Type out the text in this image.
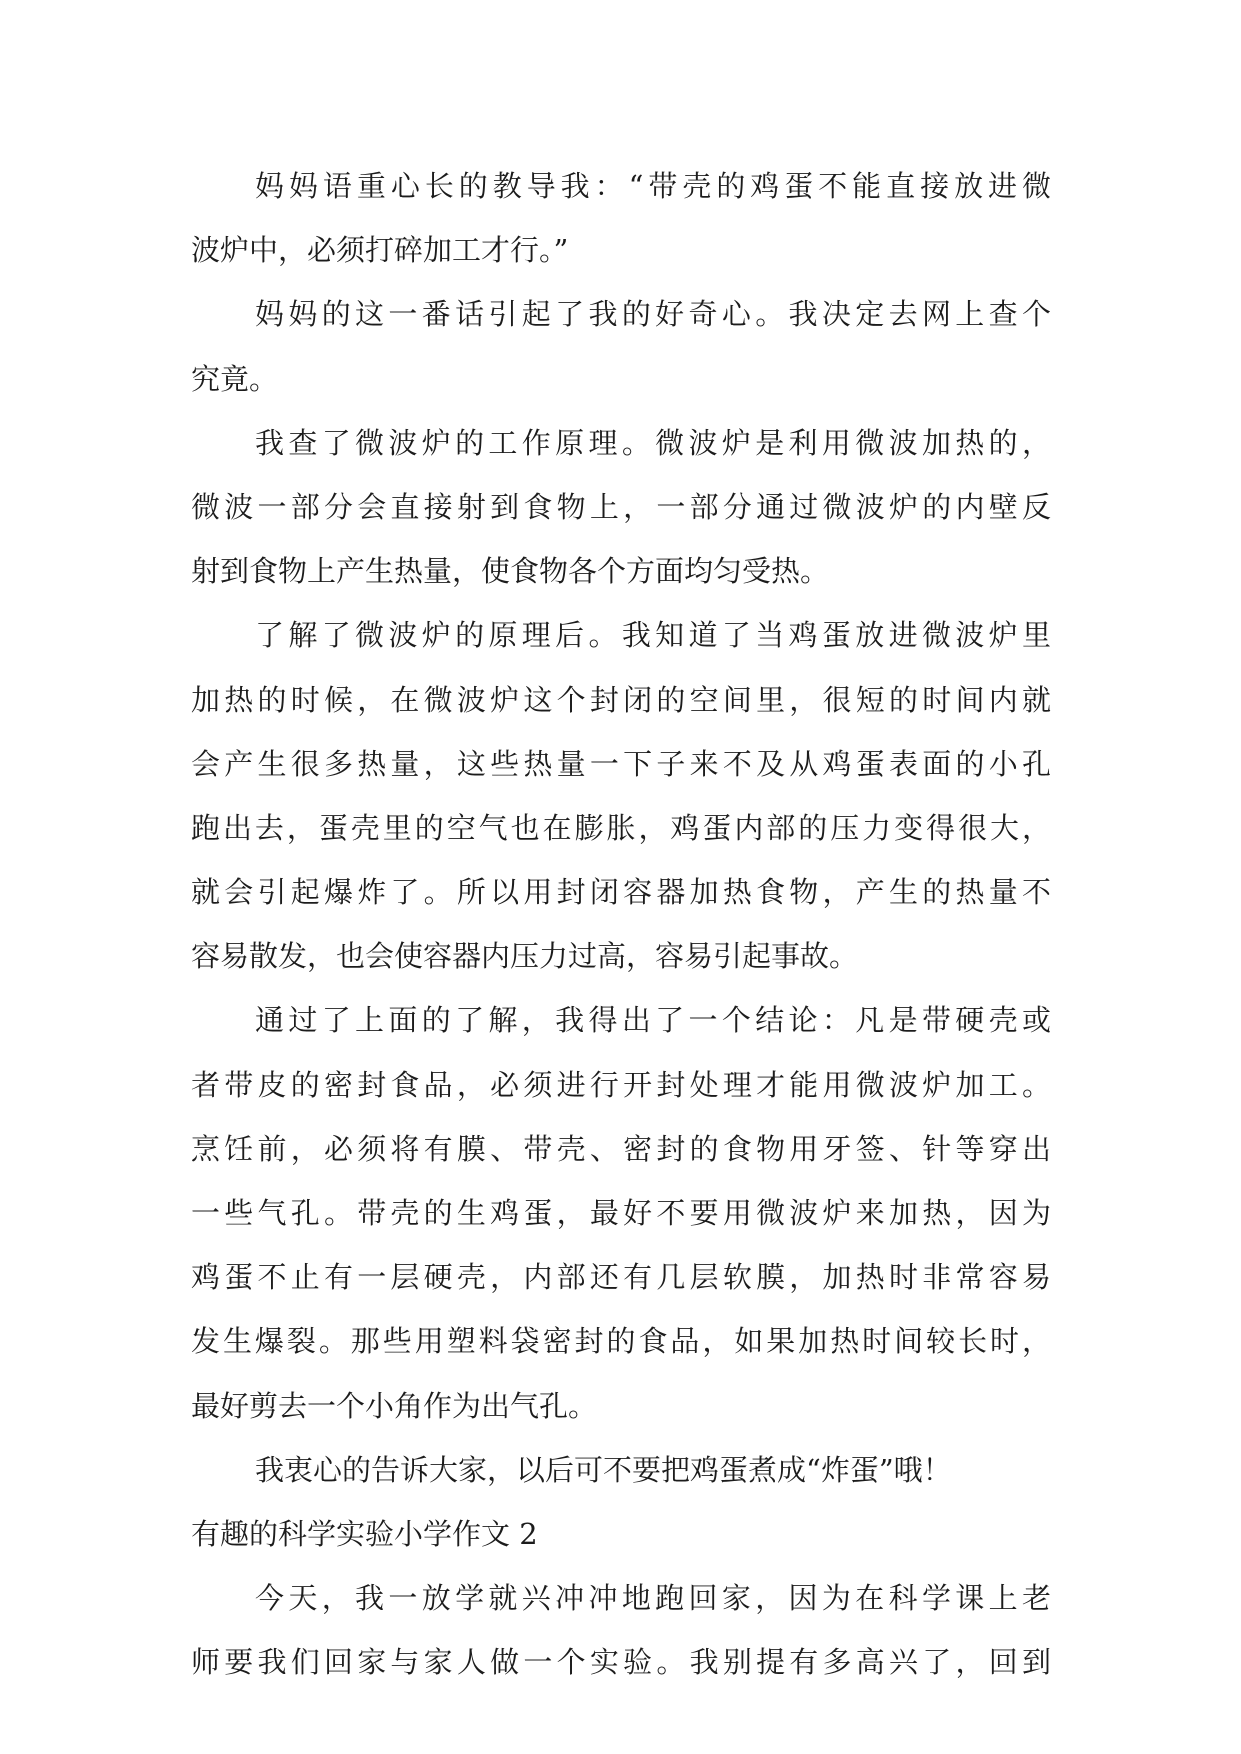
妈妈语重心长的教导我：“带壳的鸡蛋不能直接放进微
波炉中，必须打碎加工才行。”
妈妈的这一番话引起了我的好奇心。我决定去网上查个
究竟。
我查了微波炉的工作原理。微波炉是利用微波加热的，
微波一部分会直接射到食物上，一部分通过微波炉的内壁反
射到食物上产生热量，使食物各个方面均匀受热。
了解了微波炉的原理后。我知道了当鸡蛋放进微波炉里
加热的时候，在微波炉这个封闭的空间里，很短的时间内就
会产生很多热量，这些热量一下子来不及从鸡蛋表面的小孔
跑出去，蛋壳里的空气也在膨胀，鸡蛋内部的压力变得很大，
就会引起爆炸了。所以用封闭容器加热食物，产生的热量不
容易散发，也会使容器内压力过高，容易引起事故。
通过了上面的了解，我得出了一个结论：凡是带硬壳或
者带皮的密封食品，必须进行开封处理才能用微波炉加工。
烹饪前，必须将有膜、带壳、密封的食物用牙签、针等穿出
一些气孔。带壳的生鸡蛋，最好不要用微波炉来加热，因为
鸡蛋不止有一层硬壳，内部还有几层软膜，加热时非常容易
发生爆裂。那些用塑料袋密封的食品，如果加热时间较长时，
最好剪去一个小角作为出气孔。
我衷心的告诉大家，以后可不要把鸡蛋煮成“炸蛋”哦！
有趣的科学实验小学作文 2
今天，我一放学就兴冲冲地跑回家，因为在科学课上老
师要我们回家与家人做一个实验。我别提有多高兴了，回到
